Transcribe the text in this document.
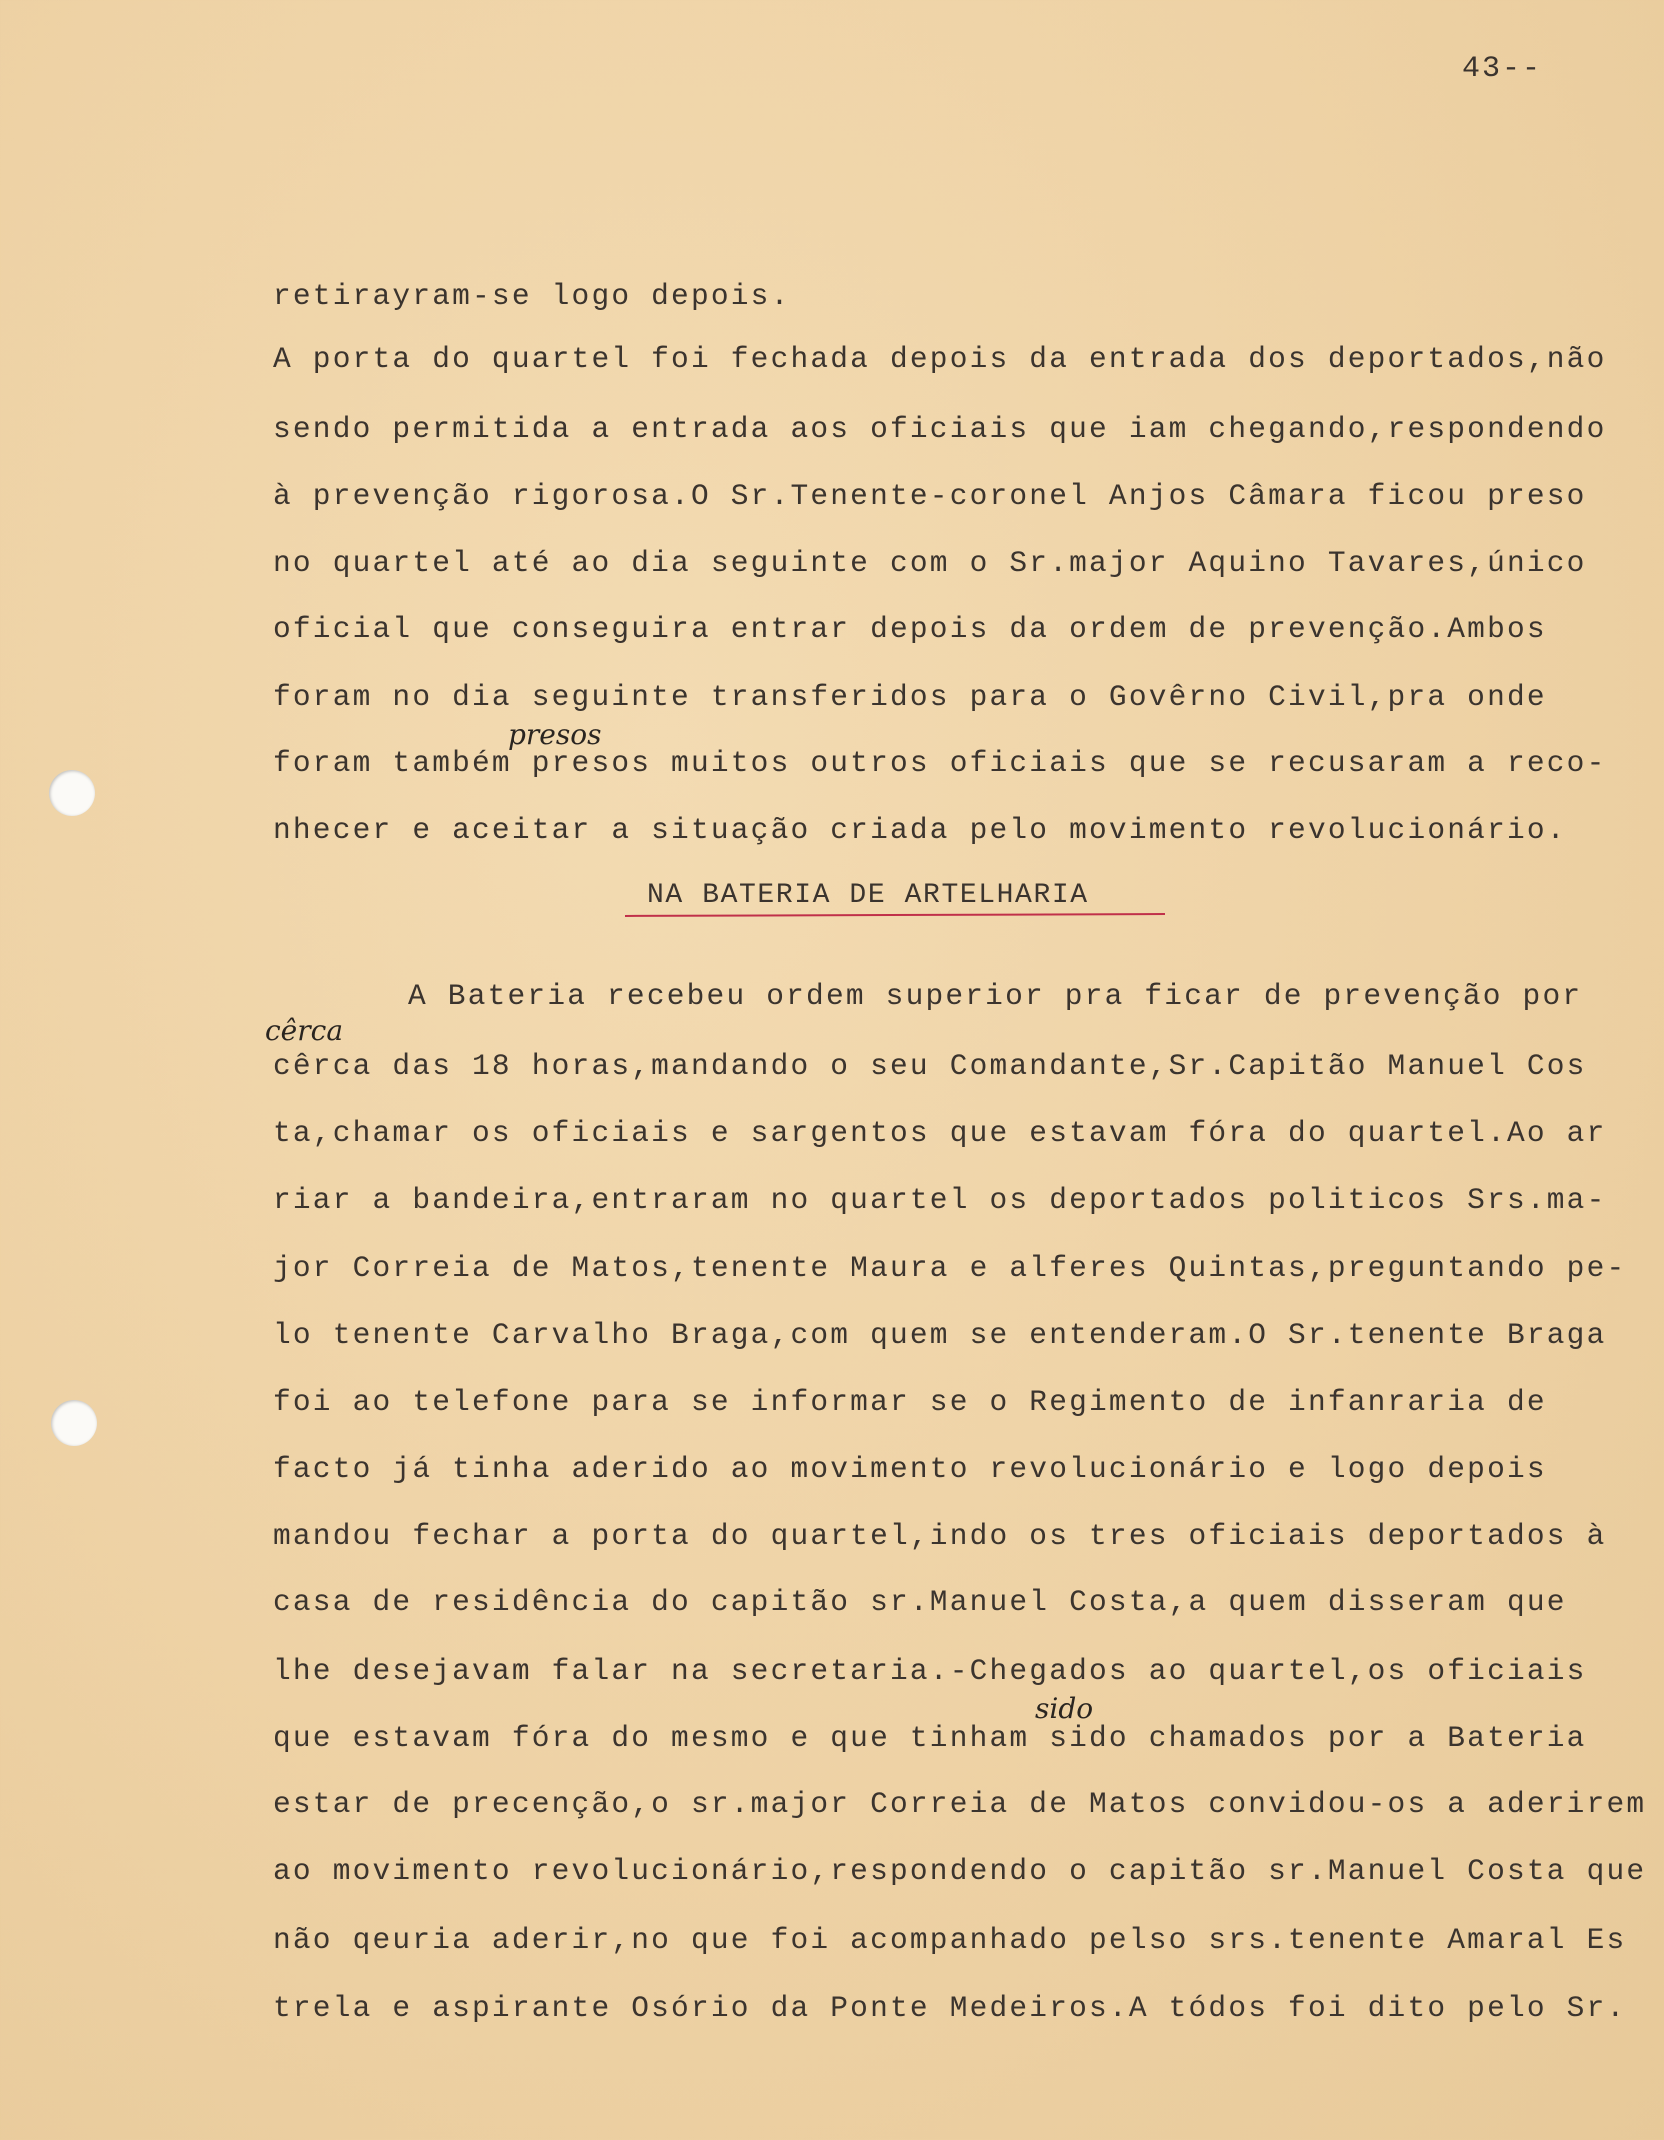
43--
retirayram-se logo depois.
A porta do quartel foi fechada depois da entrada dos deportados,não
sendo permitida a entrada aos oficiais que iam chegando,respondendo
à prevenção rigorosa.O Sr.Tenente-coronel Anjos Câmara ficou preso
no quartel até ao dia seguinte com o Sr.major Aquino Tavares,único
oficial que conseguira entrar depois da ordem de prevenção.Ambos
foram no dia seguinte transferidos para o Govêrno Civil,pra onde
presos
foram também presos muitos outros oficiais que se recusaram a reco-
nhecer e aceitar a situação criada pelo movimento revolucionário.
NA BATERIA DE ARTELHARIA
A Bateria recebeu ordem superior pra ficar de prevenção por
cêrca
cêrca das 18 horas,mandando o seu Comandante,Sr.Capitão Manuel Cos
ta,chamar os oficiais e sargentos que estavam fóra do quartel.Ao ar
riar a bandeira,entraram no quartel os deportados politicos Srs.ma-
jor Correia de Matos,tenente Maura e alferes Quintas,preguntando pe-
lo tenente Carvalho Braga,com quem se entenderam.O Sr.tenente Braga
foi ao telefone para se informar se o Regimento de infanraria de
facto já tinha aderido ao movimento revolucionário e logo depois
mandou fechar a porta do quartel,indo os tres oficiais deportados à
casa de residência do capitão sr.Manuel Costa,a quem disseram que
lhe desejavam falar na secretaria.-Chegados ao quartel,os oficiais
sido
que estavam fóra do mesmo e que tinham sido chamados por a Bateria
estar de precenção,o sr.major Correia de Matos convidou-os a aderirem
ao movimento revolucionário,respondendo o capitão sr.Manuel Costa que
não qeuria aderir,no que foi acompanhado pelso srs.tenente Amaral Es
trela e aspirante Osório da Ponte Medeiros.A tódos foi dito pelo Sr.
